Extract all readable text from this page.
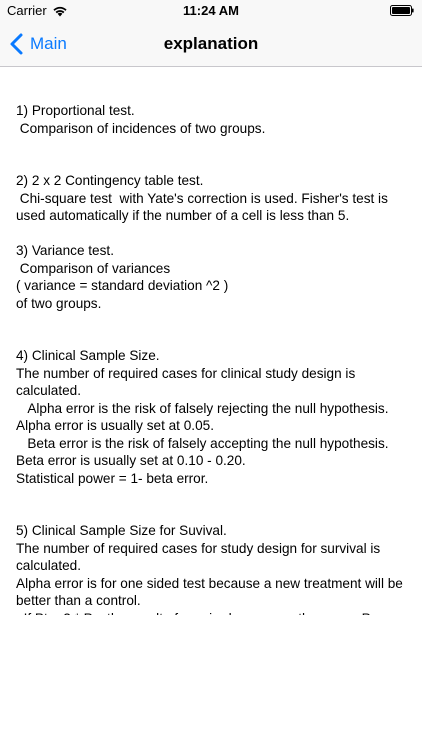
Carrier	11:24 AM
Main	explanation
1) Proportional test.
Comparison of incidences of two groups.

2) 2 x 2 Contingency table test.
Chi-square test  with Yate's correction is used. Fisher's test is used automatically if the number of a cell is less than 5.

3) Variance test.
Comparison of variances
( variance = standard deviation ^2 )
of two groups.

4) Clinical Sample Size.
The number of required cases for clinical study design is calculated.
Alpha error is the risk of falsely rejecting the null hypothesis.
Alpha error is usually set at 0.05.
Beta error is the risk of falsely accepting the null hypothesis.
Beta error is usually set at 0.10 - 0.20.
Statistical power = 1- beta error.

5) Clinical Sample Size for Suvival.
The number of required cases for study design for survival is calculated.
Alpha error is for one sided test because a new treatment will be better than a control.
